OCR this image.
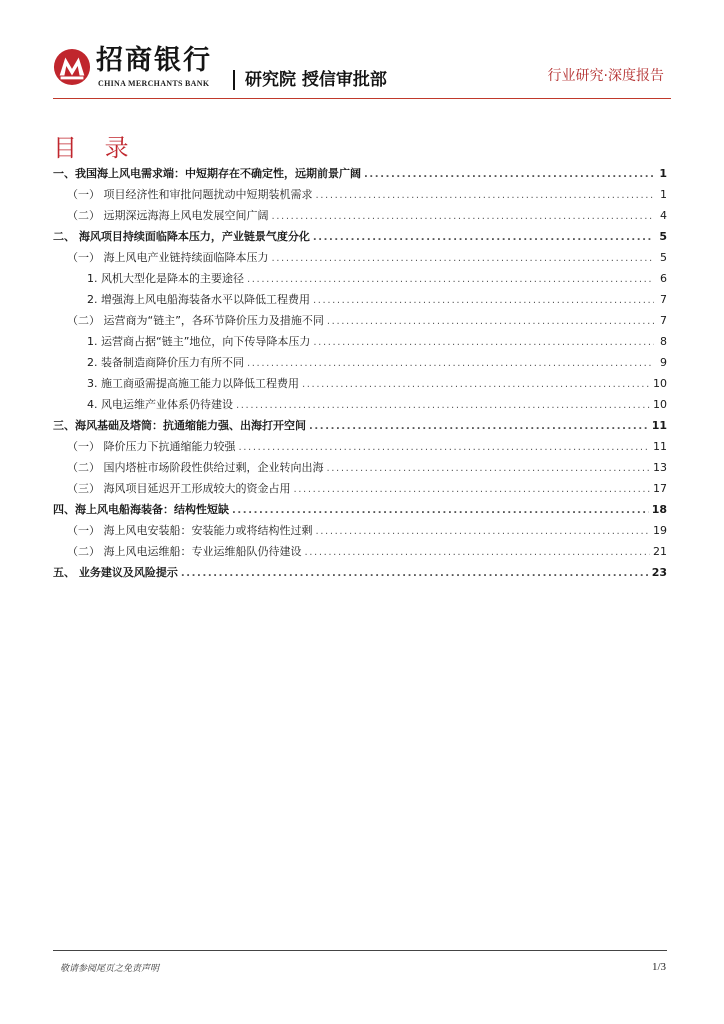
招商银行
CHINA MERCHANTS BANK 研究院 授信审批部	行业研究·深度报告
目 录
一、我国海上风电需求端：中短期存在不确定性，远期前景广阔 .....	1
（一） 项目经济性和审批问题扰动中短期装机需求 .....	1
（二） 远期深远海海上风电发展空间广阔 .....	4
二、 海风项目持续面临降本压力，产业链景气度分化 .....	5
（一） 海上风电产业链持续面临降本压力 .....	5
1. 风机大型化是降本的主要途径 .....	6
2. 增强海上风电船海装备水平以降低工程费用 .....	7
（二） 运营商为“链主”，各环节降价压力及措施不同 .....	7
1. 运营商占据“链主”地位，向下传导降本压力 .....	8
2. 装备制造商降价压力有所不同 .....	9
3. 施工商亟需提高施工能力以降低工程费用 .....	10
4. 风电运维产业体系仍待建设 .....	10
三、海风基础及塔筒：抗通缩能力强、出海打开空间 .....	11
（一） 降价压力下抗通缩能力较强 .....	11
（二） 国内塔桩市场阶段性供给过剩，企业转向出海 .....	13
（三） 海风项目延迟开工形成较大的资金占用 .....	17
四、海上风电船海装备：结构性短缺 .....	18
（一） 海上风电安装船：安装能力或将结构性过剩 .....	19
（二） 海上风电运维船：专业运维船队仍待建设 .....	21
五、 业务建议及风险提示 .....	23
敬请参阅尾页之免责声明	1/3
